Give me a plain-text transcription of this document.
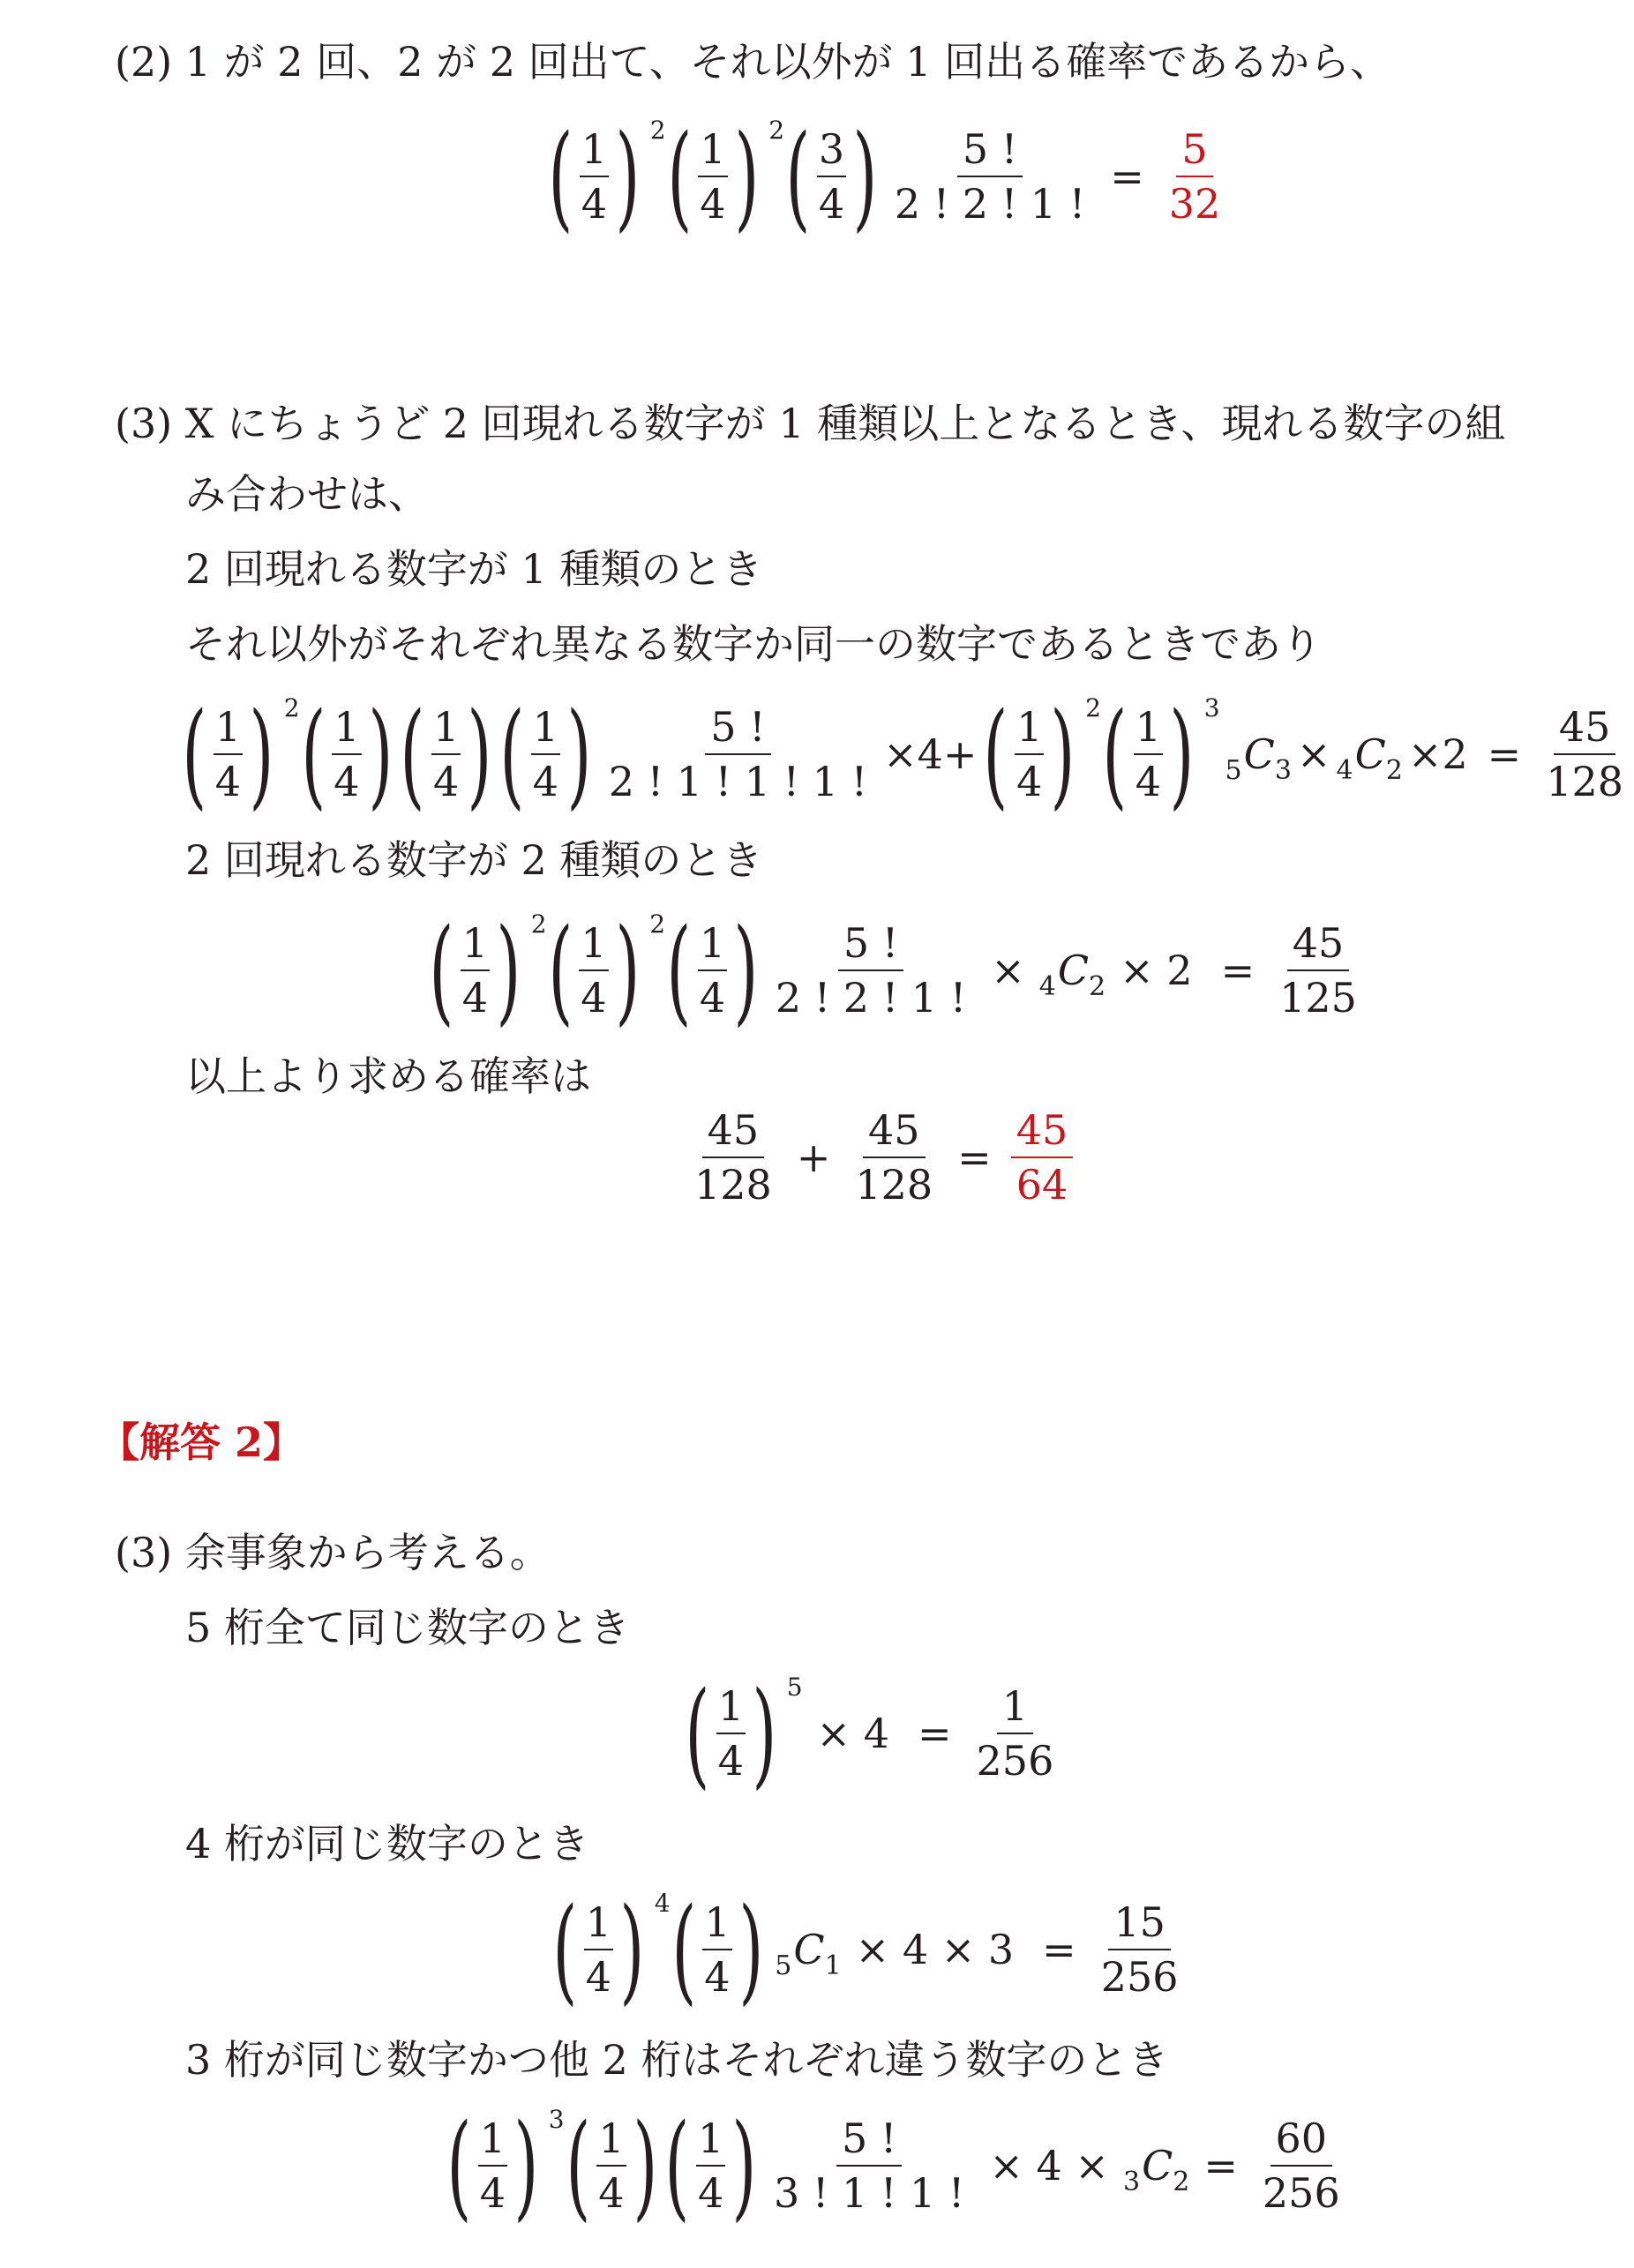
(2) 1 が 2 回、2 が 2 回出て、それ以外が 1 回出る確率であるから、
( $\frac{1}{4}$ ) 2 ( $\frac{1}{4}$ ) 2 ( $\frac{3}{4}$ ) $\frac{5 !}{2 ! 2 ! 1 !} = \frac{5}{32}$
(3) X にちょうど 2 回現れる数字が 1 種類以上となるとき、現れる数字の組
み合わせは、
2 回現れる数字が 1 種類のとき
それ以外がそれぞれ異なる数字か同一の数字であるときであり
( $\frac{1}{4}$ ) 2 ( $\frac{1}{4}$ ) ( $\frac{1}{4}$ ) ( $\frac{1}{4}$ ) $\frac{5 !}{2 ! 1 ! 1 ! 1 !} \times 4+$ ( $\frac{1}{4}$ ) 2 ( $\frac{1}{4}$ ) 3
$_5C_3 \times _4C_2 \times 2 = \frac{45}{128}$
2 回現れる数字が 2 種類のとき
( $\frac{1}{4}$ ) 2 ( $\frac{1}{4}$ ) 2 ( $\frac{1}{4}$ ) $\frac{5 !}{2 ! 2 ! 1 !} \times _4C_2 \times 2 = \frac{45}{125}$
以上より求める確率は
$\frac{45}{128} + \frac{45}{128} = \frac{45}{64}$
【解答 2】
(3) 余事象から考える。
5 桁全て同じ数字のとき
( $\frac{1}{4}$ ) 5
× $4 = \frac{1}{256}$
4 桁が同じ数字のとき
( $\frac{1}{4}$ ) 4 ( $\frac{1}{4}$ ) $_5C_1 \times 4 \times 3 = \frac{15}{256}$
3 桁が同じ数字かつ他 2 桁はそれぞれ違う数字のとき
( $\frac{1}{4}$ ) 3 ( $\frac{1}{4}$ ) ( $\frac{1}{4}$ ) $\frac{5 !}{3 ! 1 ! 1 !} \times 4 \times _3C_2 = \frac{60}{256}$
